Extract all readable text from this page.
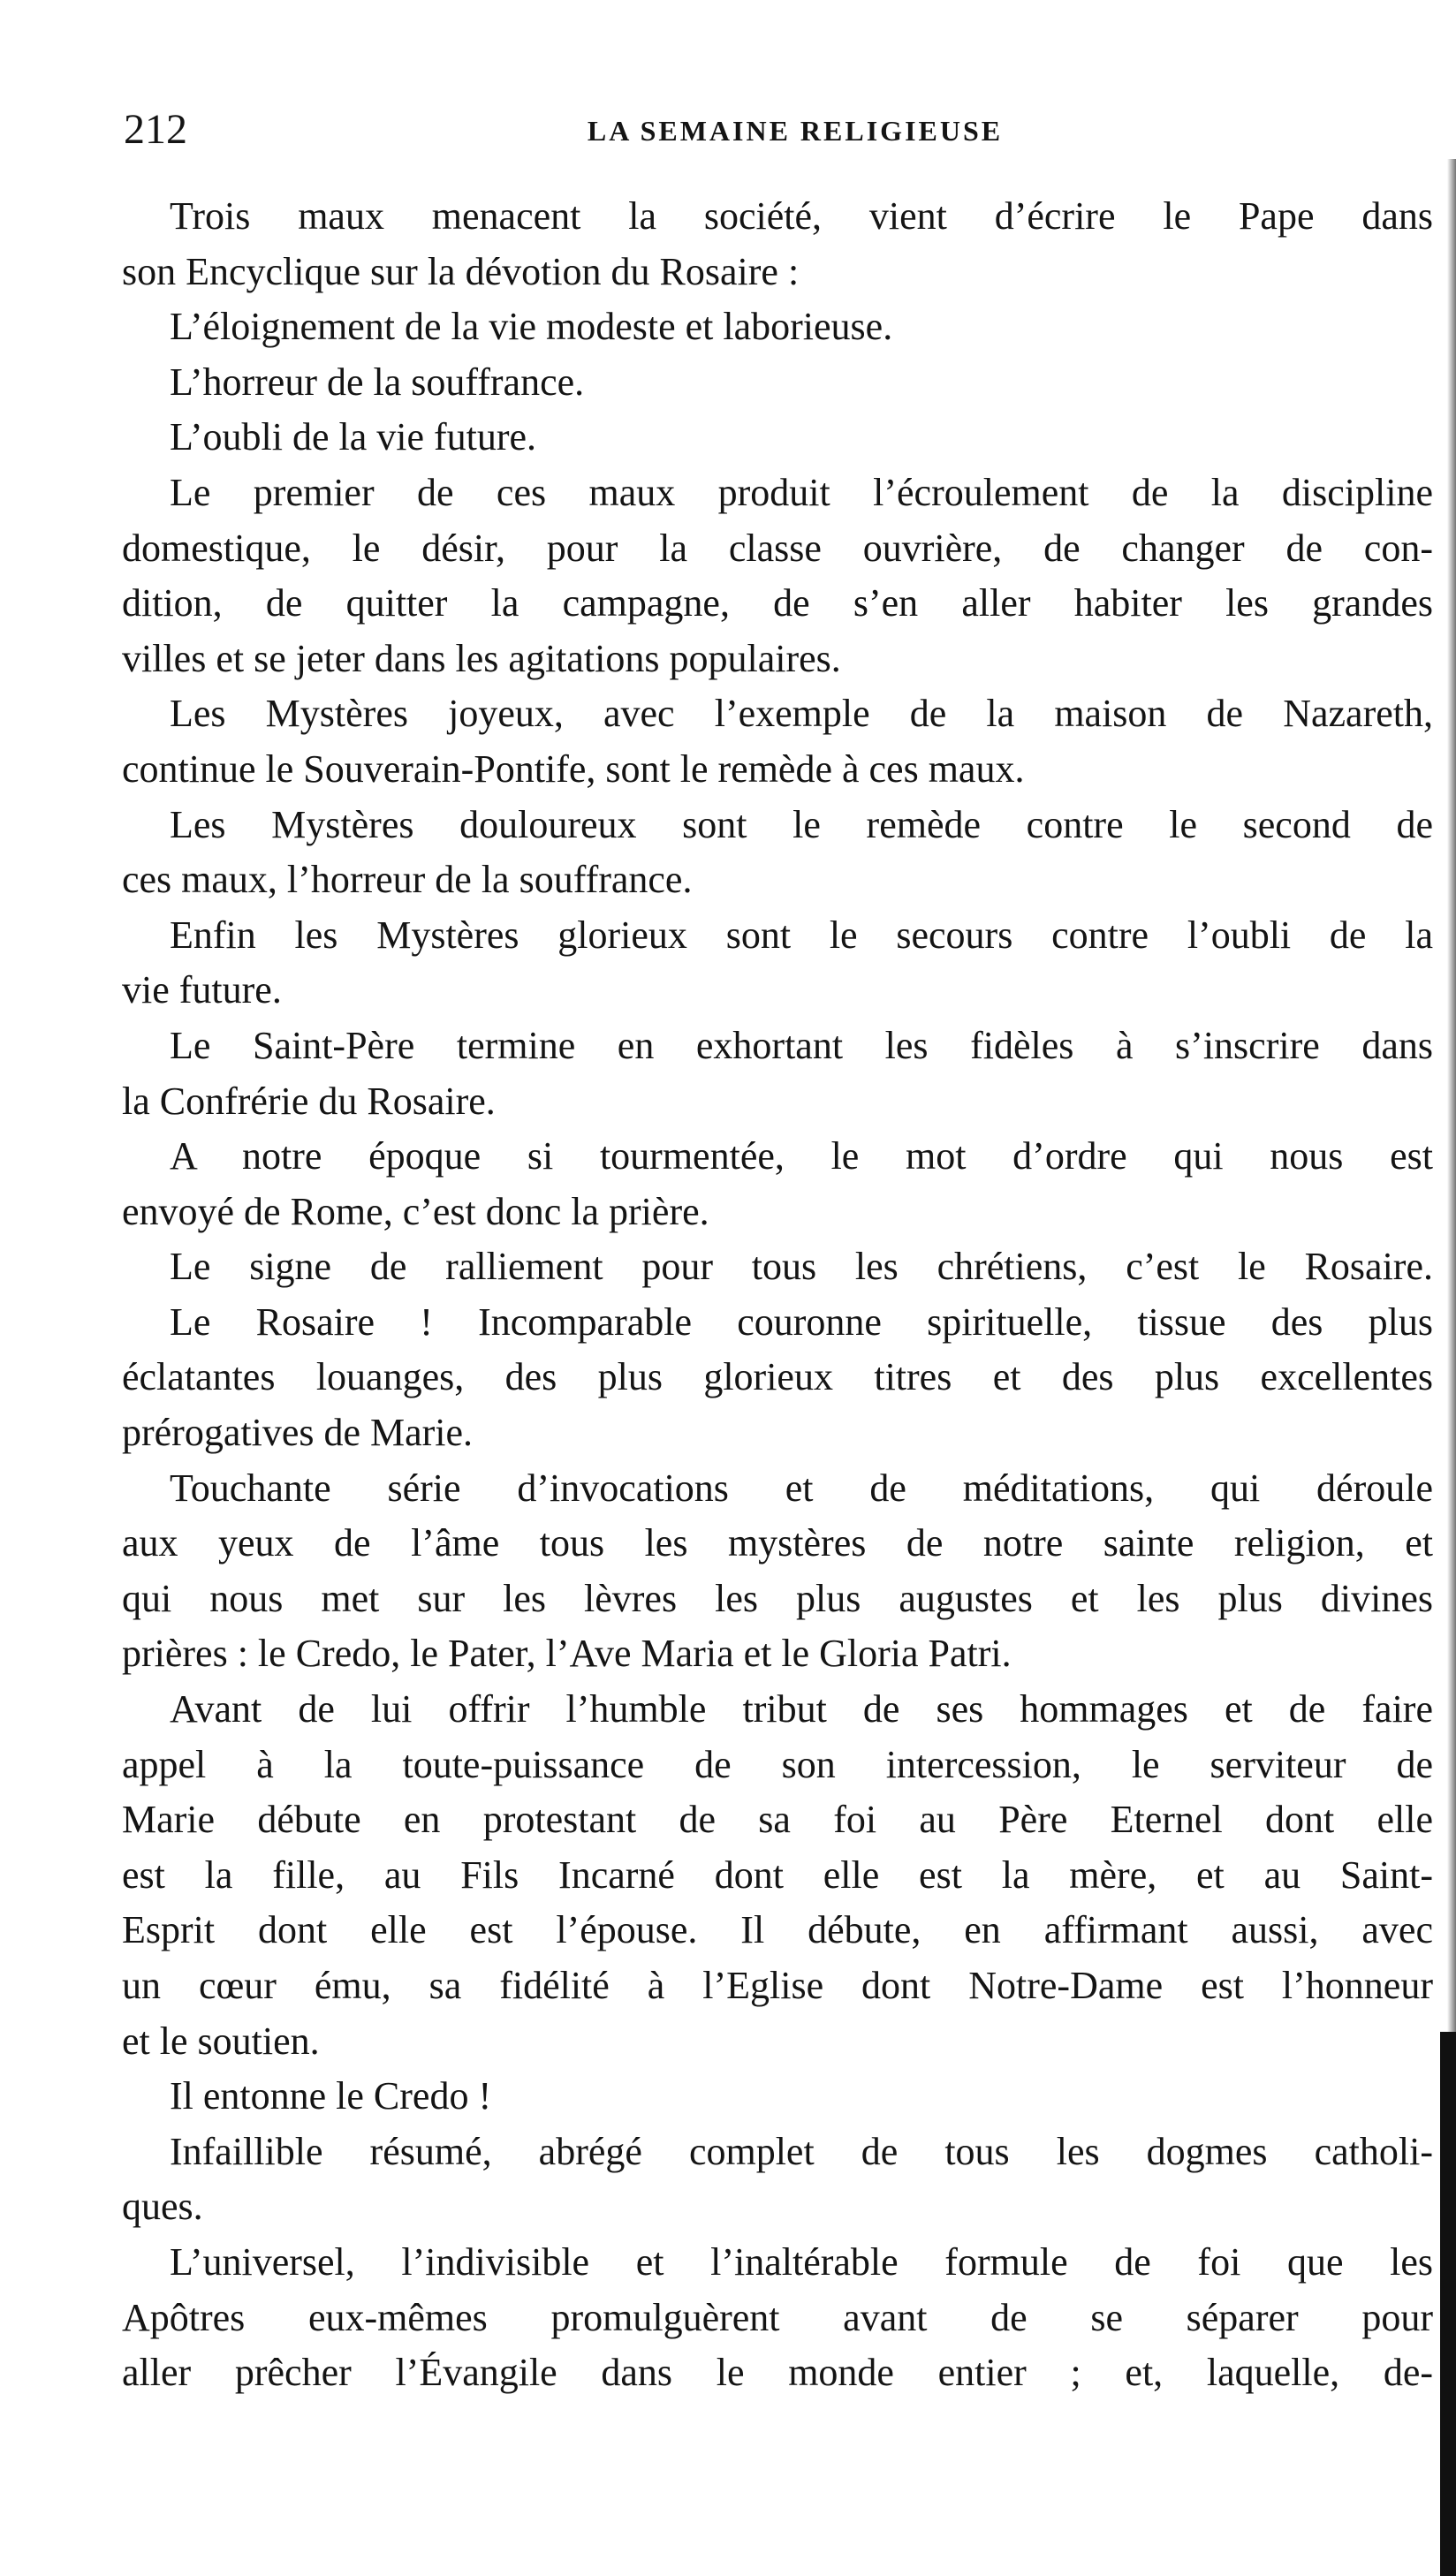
212	LA SEMAINE RELIGIEUSE
Trois maux menacent la société, vient d’écrire le Pape dans
son Encyclique sur la dévotion du Rosaire :
L’éloignement de la vie modeste et laborieuse.
L’horreur de la souffrance.
L’oubli de la vie future.
Le premier de ces maux produit l’écroulement de la discipline
domestique, le désir, pour la classe ouvrière, de changer de con-
dition, de quitter la campagne, de s’en aller habiter les grandes
villes et se jeter dans les agitations populaires.
Les Mystères joyeux, avec l’exemple de la maison de Nazareth,
continue le Souverain-Pontife, sont le remède à ces maux.
Les Mystères douloureux sont le remède contre le second de
ces maux, l’horreur de la souffrance.
Enfin les Mystères glorieux sont le secours contre l’oubli de la
vie future.
Le Saint-Père termine en exhortant les fidèles à s’inscrire dans
la Confrérie du Rosaire.
A notre époque si tourmentée, le mot d’ordre qui nous est
envoyé de Rome, c’est donc la prière.
Le signe de ralliement pour tous les chrétiens, c’est le Rosaire.
Le Rosaire ! Incomparable couronne spirituelle, tissue des plus
éclatantes louanges, des plus glorieux titres et des plus excellentes
prérogatives de Marie.
Touchante série d’invocations et de méditations, qui déroule
aux yeux de l’âme tous les mystères de notre sainte religion, et
qui nous met sur les lèvres les plus augustes et les plus divines
prières : le Credo, le Pater, l’Ave Maria et le Gloria Patri.
Avant de lui offrir l’humble tribut de ses hommages et de faire
appel à la toute-puissance de son intercession, le serviteur de
Marie débute en protestant de sa foi au Père Eternel dont elle
est la fille, au Fils Incarné dont elle est la mère, et au Saint-
Esprit dont elle est l’épouse. Il débute, en affirmant aussi, avec
un cœur ému, sa fidélité à l’Eglise dont Notre-Dame est l’honneur
et le soutien.
Il entonne le Credo !
Infaillible résumé, abrégé complet de tous les dogmes catholi-
ques.
L’universel, l’indivisible et l’inaltérable formule de foi que les
Apôtres eux-mêmes promulguèrent avant de se séparer pour
aller prêcher l’Évangile dans le monde entier ; et, laquelle, de-
